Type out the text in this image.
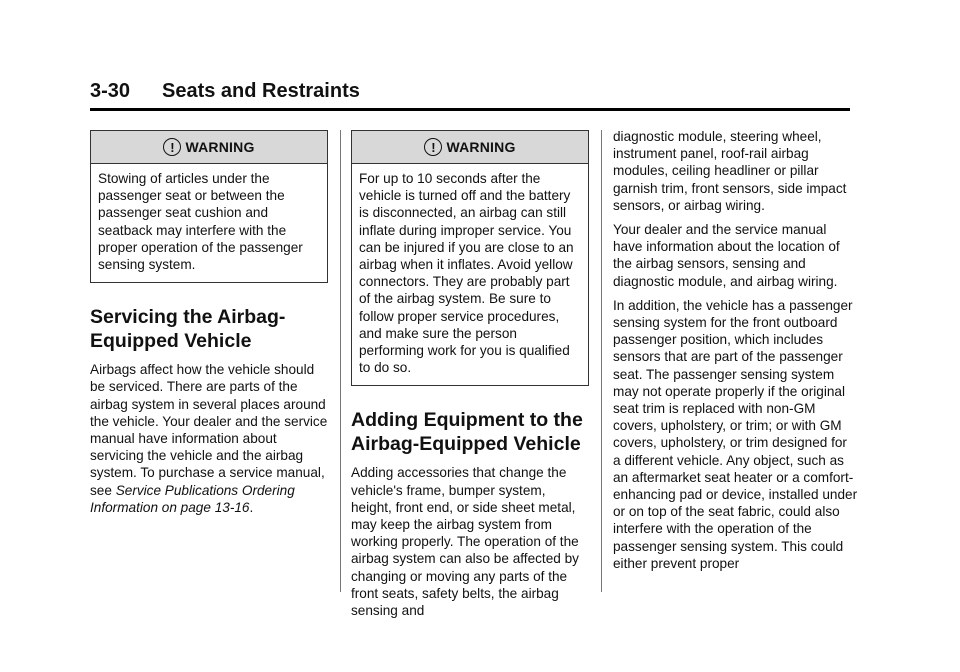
3-30 Seats and Restraints
! WARNING
Stowing of articles under the passenger seat or between the passenger seat cushion and seatback may interfere with the proper operation of the passenger sensing system.
Servicing the Airbag-Equipped Vehicle

Airbags affect how the vehicle should be serviced. There are parts of the airbag system in several places around the vehicle. Your dealer and the service manual have information about servicing the vehicle and the airbag system. To purchase a service manual, see Service Publications Ordering Information on page 13-16.

! WARNING
For up to 10 seconds after the vehicle is turned off and the battery is disconnected, an airbag can still inflate during improper service. You can be injured if you are close to an airbag when it inflates. Avoid yellow connectors. They are probably part of the airbag system. Be sure to follow proper service procedures, and make sure the person performing work for you is qualified to do so.
Adding Equipment to the Airbag-Equipped Vehicle

Adding accessories that change the vehicle's frame, bumper system, height, front end, or side sheet metal, may keep the airbag system from working properly. The operation of the airbag system can also be affected by changing or moving any parts of the front seats, safety belts, the airbag sensing and

diagnostic module, steering wheel, instrument panel, roof-rail airbag modules, ceiling headliner or pillar garnish trim, front sensors, side impact sensors, or airbag wiring.

Your dealer and the service manual have information about the location of the airbag sensors, sensing and diagnostic module, and airbag wiring.

In addition, the vehicle has a passenger sensing system for the front outboard passenger position, which includes sensors that are part of the passenger seat. The passenger sensing system may not operate properly if the original seat trim is replaced with non-GM covers, upholstery, or trim; or with GM covers, upholstery, or trim designed for a different vehicle. Any object, such as an aftermarket seat heater or a comfort-enhancing pad or device, installed under or on top of the seat fabric, could also interfere with the operation of the passenger sensing system. This could either prevent proper
